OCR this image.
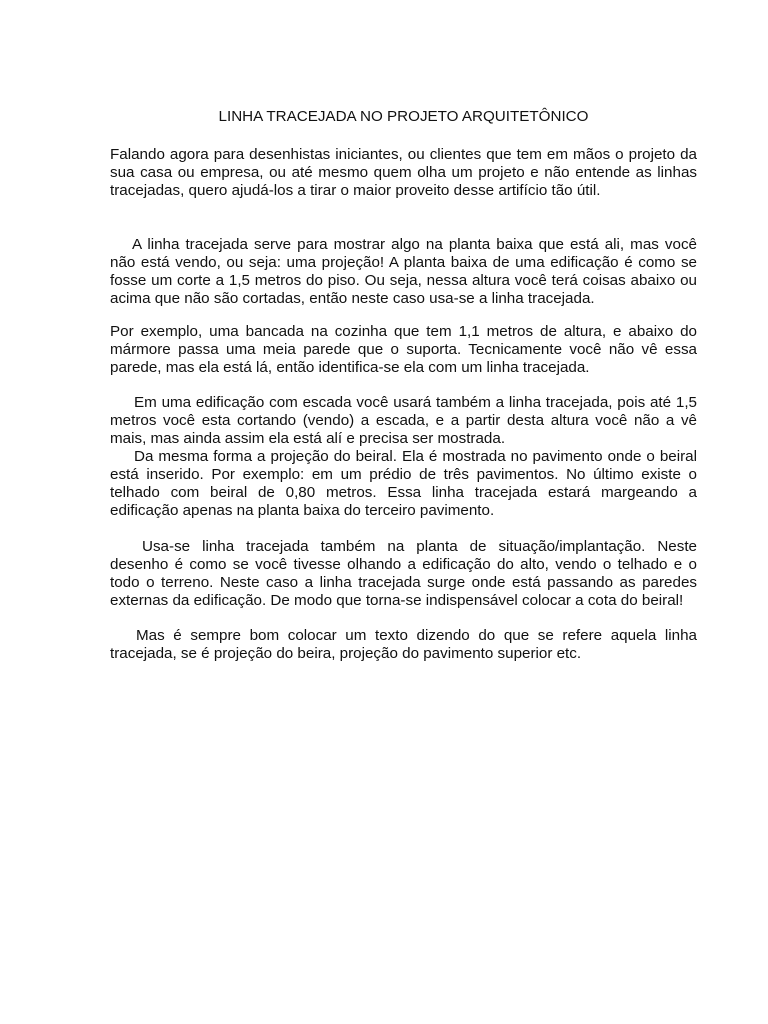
LINHA TRACEJADA NO PROJETO ARQUITETÔNICO

Falando agora para desenhistas iniciantes, ou clientes que tem em mãos o projeto da sua casa ou empresa, ou até mesmo quem olha um projeto e não entende as linhas tracejadas, quero ajudá-los a tirar o maior proveito desse artifício tão útil.

A linha tracejada serve para mostrar algo na planta baixa que está ali, mas você não está vendo, ou seja: uma projeção! A planta baixa de uma edificação é como se fosse um corte a 1,5 metros do piso. Ou seja, nessa altura você terá coisas abaixo ou acima que não são cortadas, então neste caso usa-se a linha tracejada.

Por exemplo, uma bancada na cozinha que tem 1,1 metros de altura, e abaixo do mármore passa uma meia parede que o suporta. Tecnicamente você não vê essa parede, mas ela está lá, então identifica-se ela com um linha tracejada.

Em uma edificação com escada você usará também a linha tracejada, pois até 1,5 metros você esta cortando (vendo) a escada, e a partir desta altura você não a vê mais, mas ainda assim ela está alí e precisa ser mostrada.

Da mesma forma a projeção do beiral. Ela é mostrada no pavimento onde o beiral está inserido. Por exemplo: em um prédio de três pavimentos. No último existe o telhado com beiral de 0,80 metros. Essa linha tracejada estará margeando a edificação apenas na planta baixa do terceiro pavimento.

Usa-se linha tracejada também na planta de situação/implantação. Neste desenho é como se você tivesse olhando a edificação do alto, vendo o telhado e o todo o terreno. Neste caso a linha tracejada surge onde está passando as paredes externas da edificação. De modo que torna-se indispensável colocar a cota do beiral!

Mas é sempre bom colocar um texto dizendo do que se refere aquela linha tracejada, se é projeção do beira, projeção do pavimento superior etc.
